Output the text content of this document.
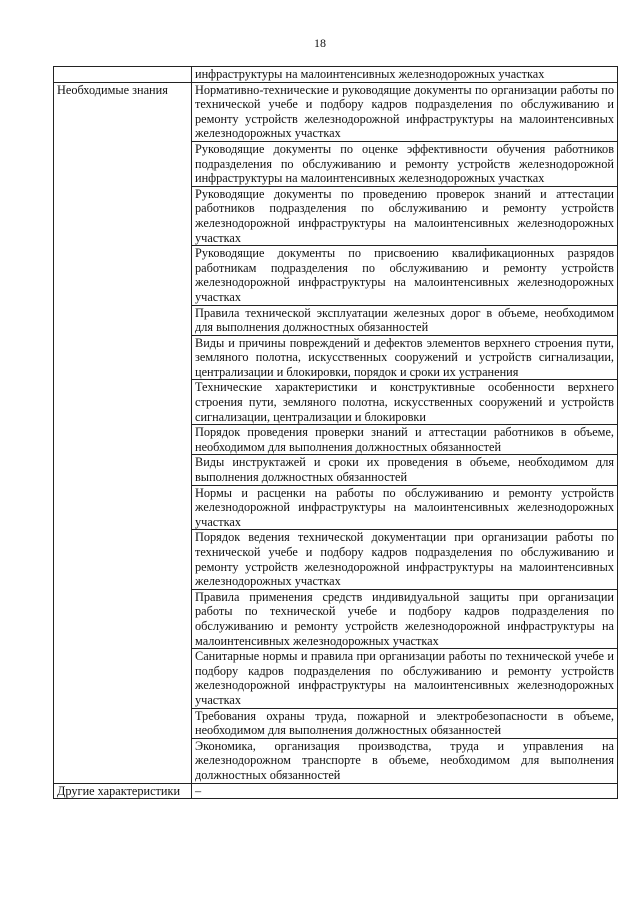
18
	инфраструктуры на малоинтенсивных железнодорожных участках
Необходимые знания	Нормативно-технические и руководящие документы по организации работы по технической учебе и подбору кадров подразделения по обслуживанию и ремонту устройств железнодорожной инфраструктуры на малоинтенсивных железнодорожных участках
	Руководящие документы по оценке эффективности обучения работников подразделения по обслуживанию и ремонту устройств железнодорожной инфраструктуры на малоинтенсивных железнодорожных участках
	Руководящие документы по проведению проверок знаний и аттестации работников подразделения по обслуживанию и ремонту устройств железнодорожной инфраструктуры на малоинтенсивных железнодорожных участках
	Руководящие документы по присвоению квалификационных разрядов работникам подразделения по обслуживанию и ремонту устройств железнодорожной инфраструктуры на малоинтенсивных железнодорожных участках
	Правила технической эксплуатации железных дорог в объеме, необходимом для выполнения должностных обязанностей
	Виды и причины повреждений и дефектов элементов верхнего строения пути, земляного полотна, искусственных сооружений и устройств сигнализации, централизации и блокировки, порядок и сроки их устранения
	Технические характеристики и конструктивные особенности верхнего строения пути, земляного полотна, искусственных сооружений и устройств сигнализации, централизации и блокировки
	Порядок проведения проверки знаний и аттестации работников в объеме, необходимом для выполнения должностных обязанностей
	Виды инструктажей и сроки их проведения в объеме, необходимом для выполнения должностных обязанностей
	Нормы и расценки на работы по обслуживанию и ремонту устройств железнодорожной инфраструктуры на малоинтенсивных железнодорожных участках
	Порядок ведения технической документации при организации работы по технической учебе и подбору кадров подразделения по обслуживанию и ремонту устройств железнодорожной инфраструктуры на малоинтенсивных железнодорожных участках
	Правила применения средств индивидуальной защиты при организации работы по технической учебе и подбору кадров подразделения по обслуживанию и ремонту устройств железнодорожной инфраструктуры на малоинтенсивных железнодорожных участках
	Санитарные нормы и правила при организации работы по технической учебе и подбору кадров подразделения по обслуживанию и ремонту устройств железнодорожной инфраструктуры на малоинтенсивных железнодорожных участках
	Требования охраны труда, пожарной и электробезопасности в объеме, необходимом для выполнения должностных обязанностей
	Экономика, организация производства, труда и управления на железнодорожном транспорте в объеме, необходимом для выполнения должностных обязанностей
Другие характеристики	–
